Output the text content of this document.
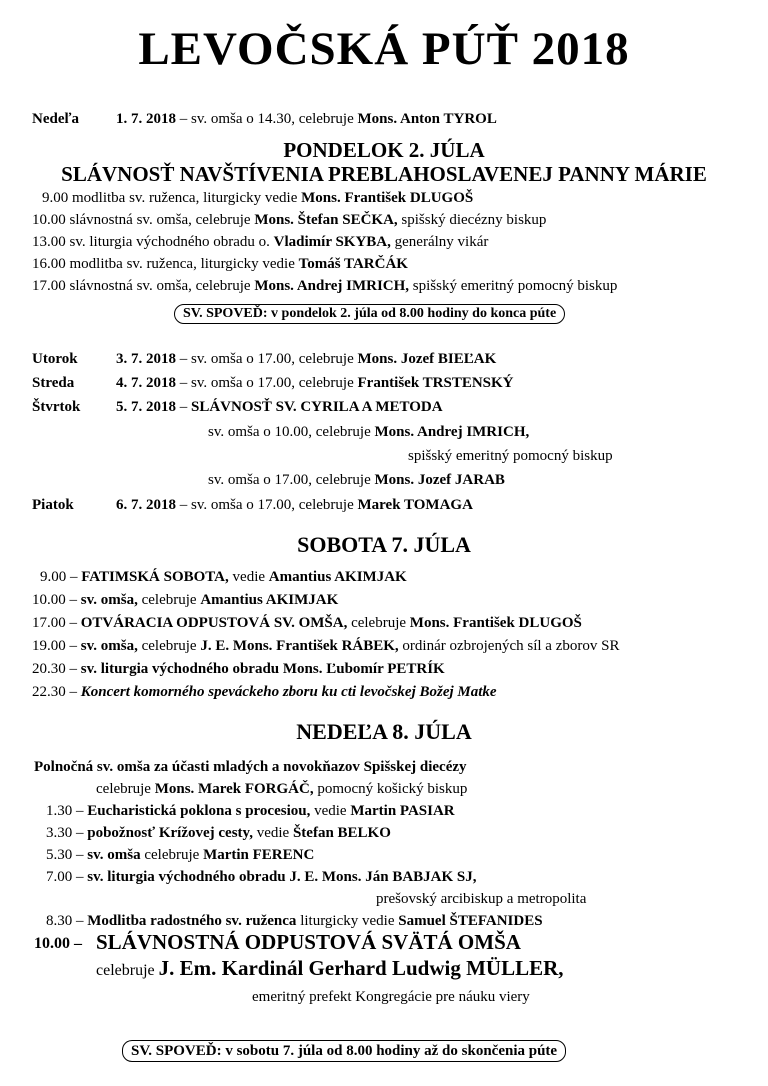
LEVOČSKÁ PÚŤ 2018
Nedeľa 1. 7. 2018 – sv. omša o 14.30, celebruje Mons. Anton TYROL
PONDELOK 2. JÚLA
SLÁVNOSŤ NAVŠTÍVENIA PREBLAHOSLAVENEJ PANNY MÁRIE
9.00 modlitba sv. ruženca, liturgicky vedie Mons. František DLUGOŠ
10.00 slávnostná sv. omša, celebruje Mons. Štefan SEČKA, spišský diecézny biskup
13.00 sv. liturgia východného obradu o. Vladimír SKYBA, generálny vikár
16.00 modlitba sv. ruženca, liturgicky vedie Tomáš TARČÁK
17.00 slávnostná sv. omša, celebruje Mons. Andrej IMRICH, spišský emeritný pomocný biskup
SV. SPOVEĎ: v pondelok 2. júla od 8.00 hodiny do konca púte
Utorok	3. 7. 2018 – sv. omša o 17.00, celebruje Mons. Jozef BIEĽAK
Streda	4. 7. 2018 – sv. omša o 17.00, celebruje František TRSTENSKÝ
Štvrtok 5. 7. 2018 – SLÁVNOSŤ SV. CYRILA A METODA
sv. omša o 10.00, celebruje Mons. Andrej IMRICH,
spišský emeritný pomocný biskup
sv. omša o 17.00, celebruje Mons. Jozef JARAB
Piatok	6. 7. 2018 – sv. omša o 17.00, celebruje Marek TOMAGA
SOBOTA 7. JÚLA
9.00 – FATIMSKÁ SOBOTA, vedie Amantius AKIMJAK
10.00 – sv. omša, celebruje Amantius AKIMJAK
17.00 – OTVÁRACIA ODPUSTOVÁ SV. OMŠA, celebruje Mons. František DLUGOŠ
19.00 – sv. omša, celebruje J. E. Mons. František RÁBEK, ordinár ozbrojených síl a zborov SR
20.30 – sv. liturgia východného obradu Mons. Ľubomír PETRÍK
22.30 – Koncert komorného speváckeho zboru ku cti levočskej Božej Matke
NEDEĽA 8. JÚLA
Polnočná sv. omša za účasti mladých a novokňazov Spišskej diecézy
celebruje Mons. Marek FORGÁČ, pomocný košický biskup
1.30 – Eucharistická poklona s procesiou, vedie Martin PASIAR
3.30 – pobožnosť Krížovej cesty, vedie Štefan BELKO
5.30 – sv. omša celebruje Martin FERENC
7.00 – sv. liturgia východného obradu J. E. Mons. Ján BABJAK SJ,
prešovský arcibiskup a metropolita
8.30 – Modlitba radostného sv. ruženca liturgicky vedie Samuel ŠTEFANIDES
10.00 – SLÁVNOSTNÁ ODPUSTOVÁ SVÄTÁ OMŠA
celebruje J. Em. Kardinál Gerhard Ludwig MÜLLER,
emeritný prefekt Kongregácie pre náuku viery
SV. SPOVEĎ: v sobotu 7. júla od 8.00 hodiny až do skončenia púte
